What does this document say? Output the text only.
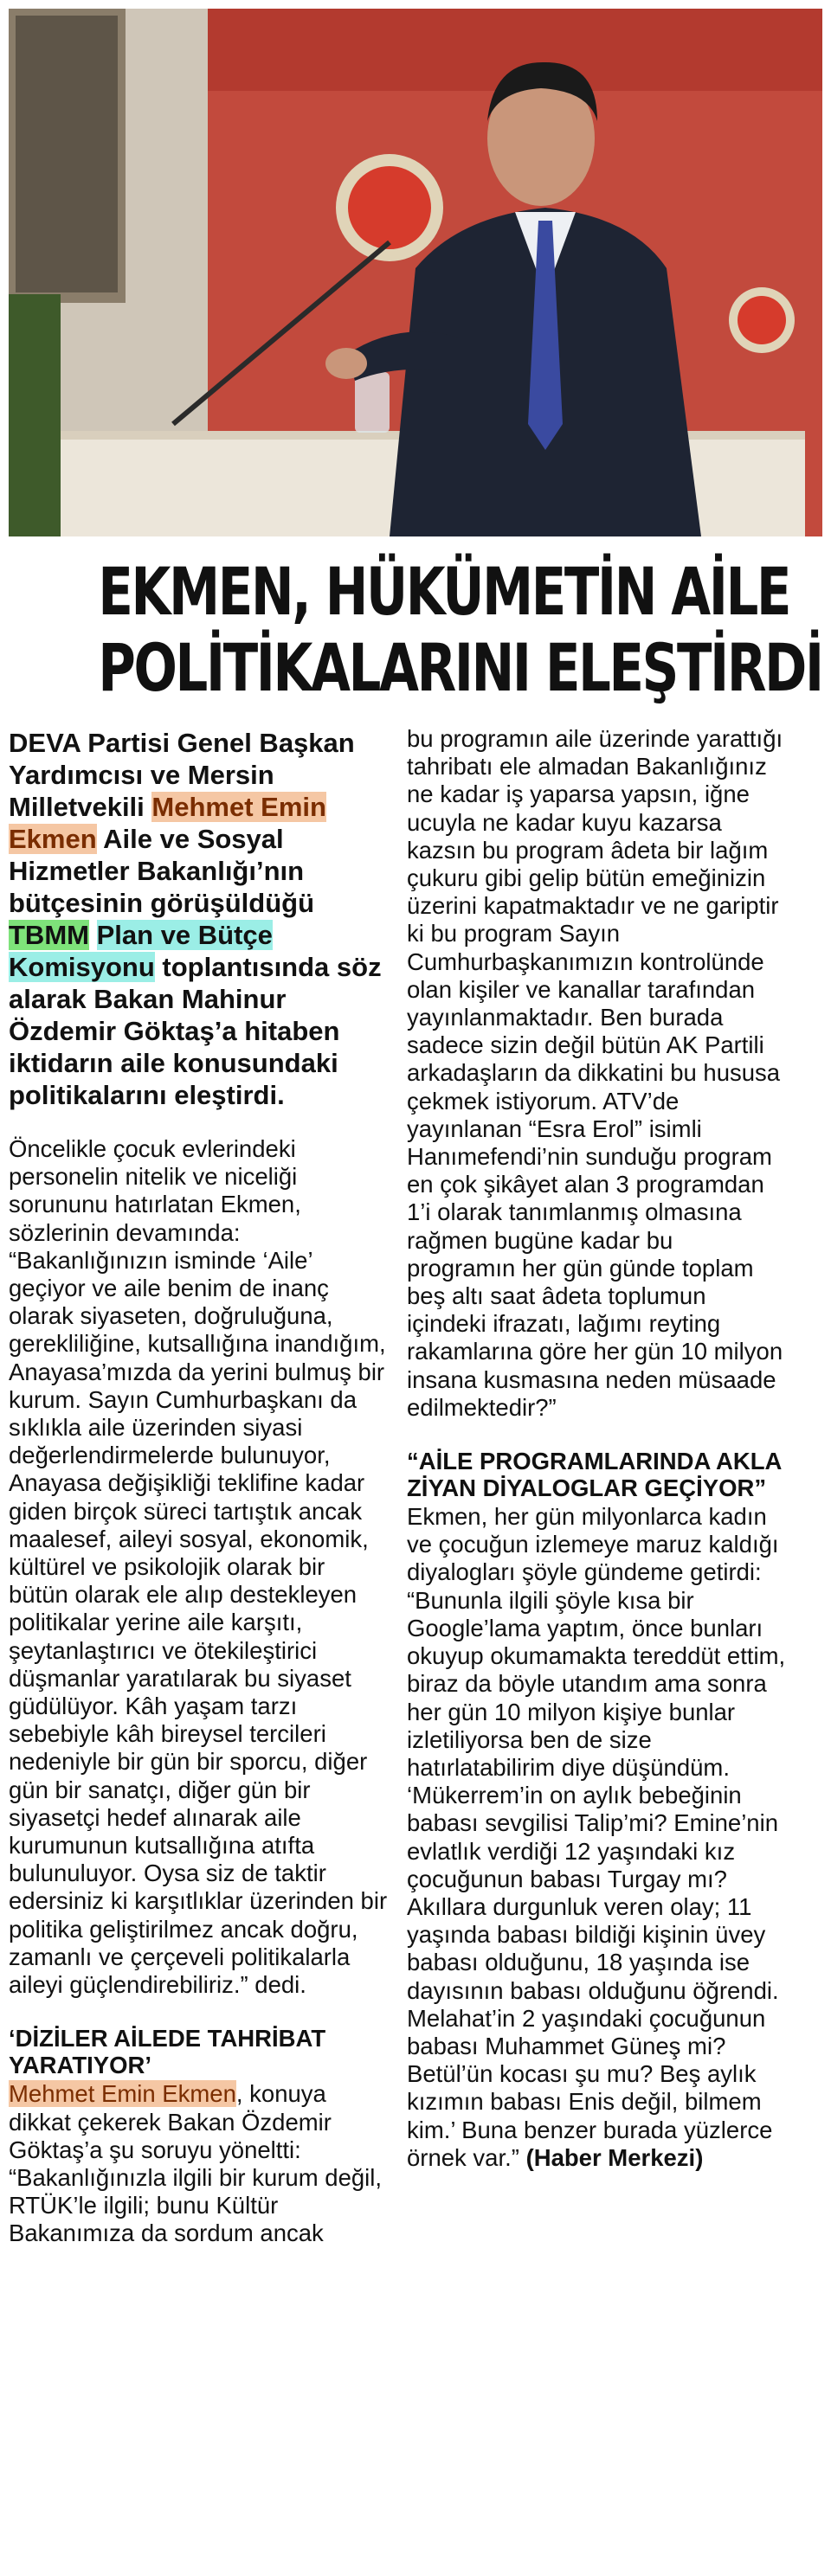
EKMEN, HÜKÜMETİN AİLE
POLİTİKALARINI ELEŞTİRDİ

DEVA Partisi Genel Başkan Yardımcısı ve Mersin Milletvekili Mehmet Emin Ekmen Aile ve Sosyal Hizmetler Bakanlığı’nın bütçesinin görüşüldüğü TBMM Plan ve Bütçe Komisyonu toplantısında söz alarak Bakan Mahinur Özdemir Göktaş’a hitaben iktidarın aile konusundaki politikalarını eleştirdi.

Öncelikle çocuk evlerindeki personelin nitelik ve niceliği sorununu hatırlatan Ekmen, sözlerinin devamında: “Bakanlığınızın isminde ‘Aile’ geçiyor ve aile benim de inanç olarak siyaseten, doğruluğuna, gerekliliğine, kutsallığına inandığım, Anayasa’mızda da yerini bulmuş bir kurum. Sayın Cumhurbaşkanı da sıklıkla aile üzerinden siyasi değerlendirmelerde bulunuyor, Anayasa değişikliği teklifine kadar giden birçok süreci tartıştık ancak maalesef, aileyi sosyal, ekonomik, kültürel ve psikolojik olarak bir bütün olarak ele alıp destekleyen politikalar yerine aile karşıtı, şeytanlaştırıcı ve ötekileştirici düşmanlar yaratılarak bu siyaset güdülüyor. Kâh yaşam tarzı sebebiyle kâh bireysel tercileri nedeniyle bir gün bir sporcu, diğer gün bir sanatçı, diğer gün bir siyasetçi hedef alınarak aile kurumunun kutsallığına atıfta bulunuluyor. Oysa siz de taktir edersiniz ki karşıtlıklar üzerinden bir politika geliştirilmez ancak doğru, zamanlı ve çerçeveli politikalarla aileyi güçlendirebiliriz.” dedi.

‘DİZİLER AİLEDE TAHRİBAT YARATIYOR’

Mehmet Emin Ekmen, konuya dikkat çekerek Bakan Özdemir Göktaş’a şu soruyu yöneltti: “Bakanlığınızla ilgili bir kurum değil, RTÜK’le ilgili; bunu Kültür Bakanımıza da sordum ancak

bu programın aile üzerinde yarattığı tahribatı ele almadan Bakanlığınız ne kadar iş yaparsa yapsın, iğne ucuyla ne kadar kuyu kazarsa kazsın bu program âdeta bir lağım çukuru gibi gelip bütün emeğinizin üzerini kapatmaktadır ve ne gariptir ki bu program Sayın Cumhurbaşkanımızın kontrolünde olan kişiler ve kanallar tarafından yayınlanmaktadır. Ben burada sadece sizin değil bütün AK Partili arkadaşların da dikkatini bu hususa çekmek istiyorum. ATV’de yayınlanan “Esra Erol” isimli Hanımefendi’nin sunduğu program en çok şikâyet alan 3 programdan 1’i olarak tanımlanmış olmasına rağmen bugüne kadar bu programın her gün günde toplam beş altı saat âdeta toplumun içindeki ifrazatı, lağımı reyting rakamlarına göre her gün 10 milyon insana kusmasına neden müsaade edilmektedir?”

“AİLE PROGRAMLARINDA AKLA ZİYAN DİYALOGLAR GEÇİYOR”

Ekmen, her gün milyonlarca kadın ve çocuğun izlemeye maruz kaldığı diyalogları şöyle gündeme getirdi: “Bununla ilgili şöyle kısa bir Google’lama yaptım, önce bunları okuyup okumamakta tereddüt ettim, biraz da böyle utandım ama sonra her gün 10 milyon kişiye bunlar izletiliyorsa ben de size hatırlatabilirim diye düşündüm. ‘Mükerrem’in on aylık bebeğinin babası sevgilisi Talip’mi? Emine’nin evlatlık verdiği 12 yaşındaki kız çocuğunun babası Turgay mı? Akıllara durgunluk veren olay; 11 yaşında babası bildiği kişinin üvey babası olduğunu, 18 yaşında ise dayısının babası olduğunu öğrendi. Melahat’in 2 yaşındaki çocuğunun babası Muhammet Güneş mi? Betül’ün kocası şu mu? Beş aylık kızımın babası Enis değil, bilmem kim.’ Buna benzer burada yüzlerce örnek var.” (Haber Merkezi)
